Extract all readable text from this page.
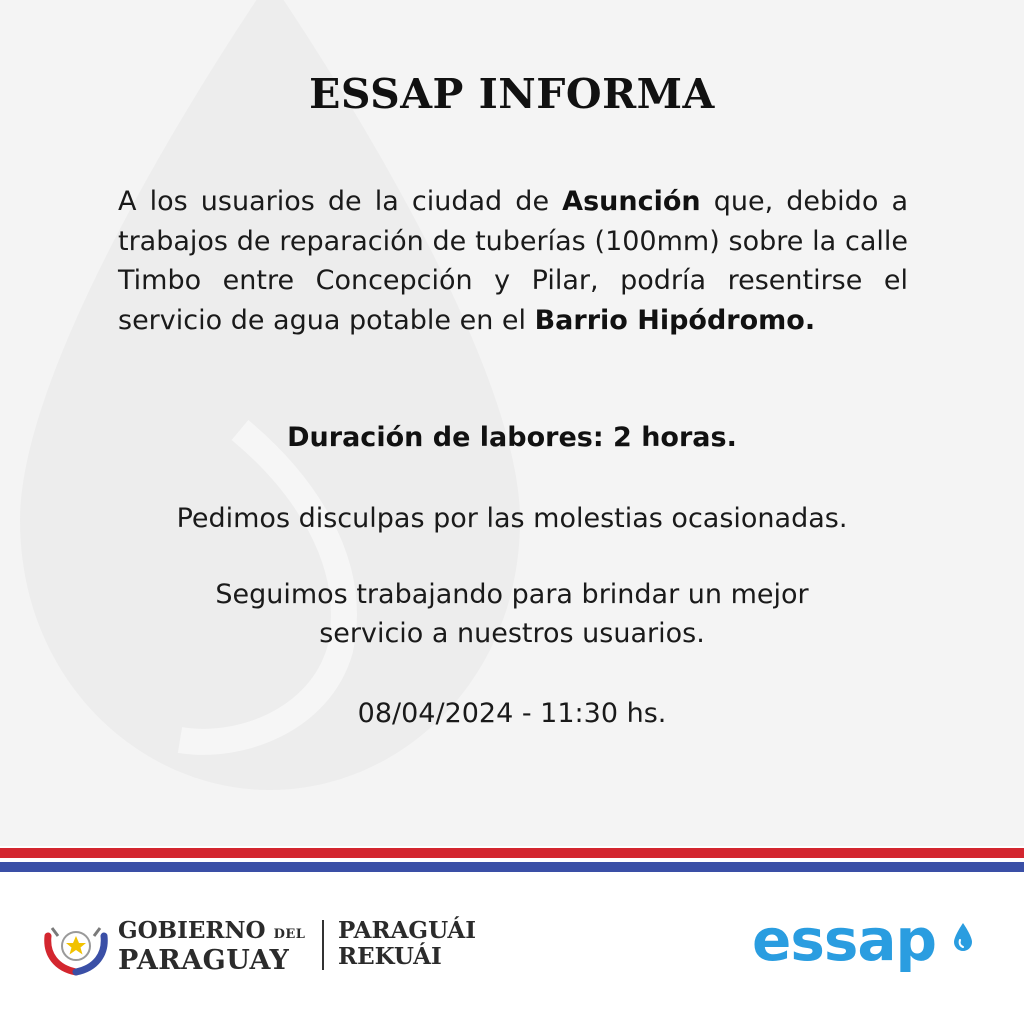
ESSAP INFORMA

A los usuarios de la ciudad de Asunción que, debido a trabajos de reparación de tuberías (100mm) sobre la calle Timbo entre Concepción y Pilar, podría resentirse el servicio de agua potable en el Barrio Hipódromo.

Duración de labores: 2 horas.

Pedimos disculpas por las molestias ocasionadas.

Seguimos trabajando para brindar un mejor
servicio a nuestros usuarios.

08/04/2024 - 11:30 hs.

GOBIERNO DEL
PARAGUAY
PARAGUÁI
REKUÁI	essap
